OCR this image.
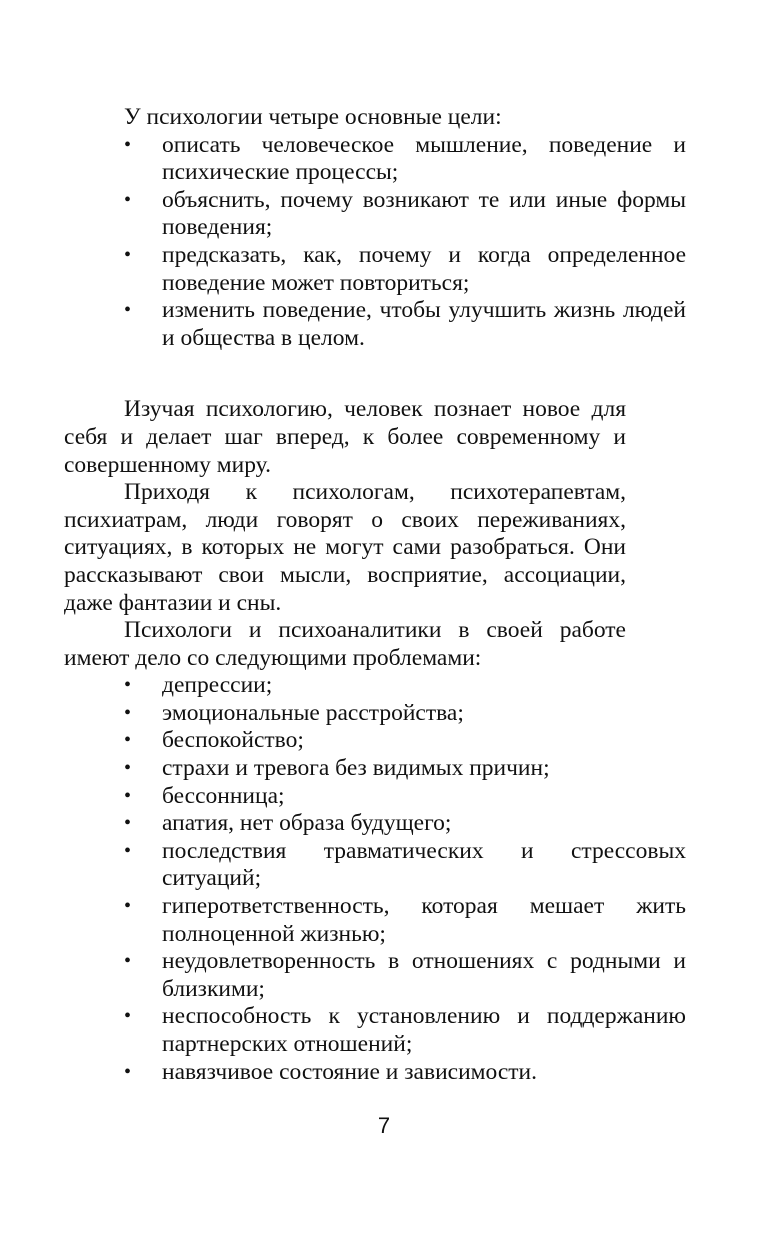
У психологии четыре основные цели:

• описать человеческое мышление, поведение и психические процессы;
• объяснить, почему возникают те или иные формы поведения;
• предсказать, как, почему и когда определенное поведение может повториться;
• изменить поведение, чтобы улучшить жизнь людей и общества в целом.

Изучая психологию, человек познает новое для себя и делает шаг вперед, к более современному и совершенному миру.

Приходя к психологам, психотерапевтам, психиатрам, люди говорят о своих переживаниях, ситуациях, в которых не могут сами разобраться. Они рассказывают свои мысли, восприятие, ассоциации, даже фантазии и сны.

Психологи и психоаналитики в своей работе имеют дело со следующими проблемами:

• депрессии;
• эмоциональные расстройства;
• беспокойство;
• страхи и тревога без видимых причин;
• бессонница;
• апатия, нет образа будущего;
• последствия травматических и стрессовых ситуаций;
• гиперответственность, которая мешает жить полноценной жизнью;
• неудовлетворенность в отношениях с родными и близкими;
• неспособность к установлению и поддержанию партнерских отношений;
• навязчивое состояние и зависимости.
7
